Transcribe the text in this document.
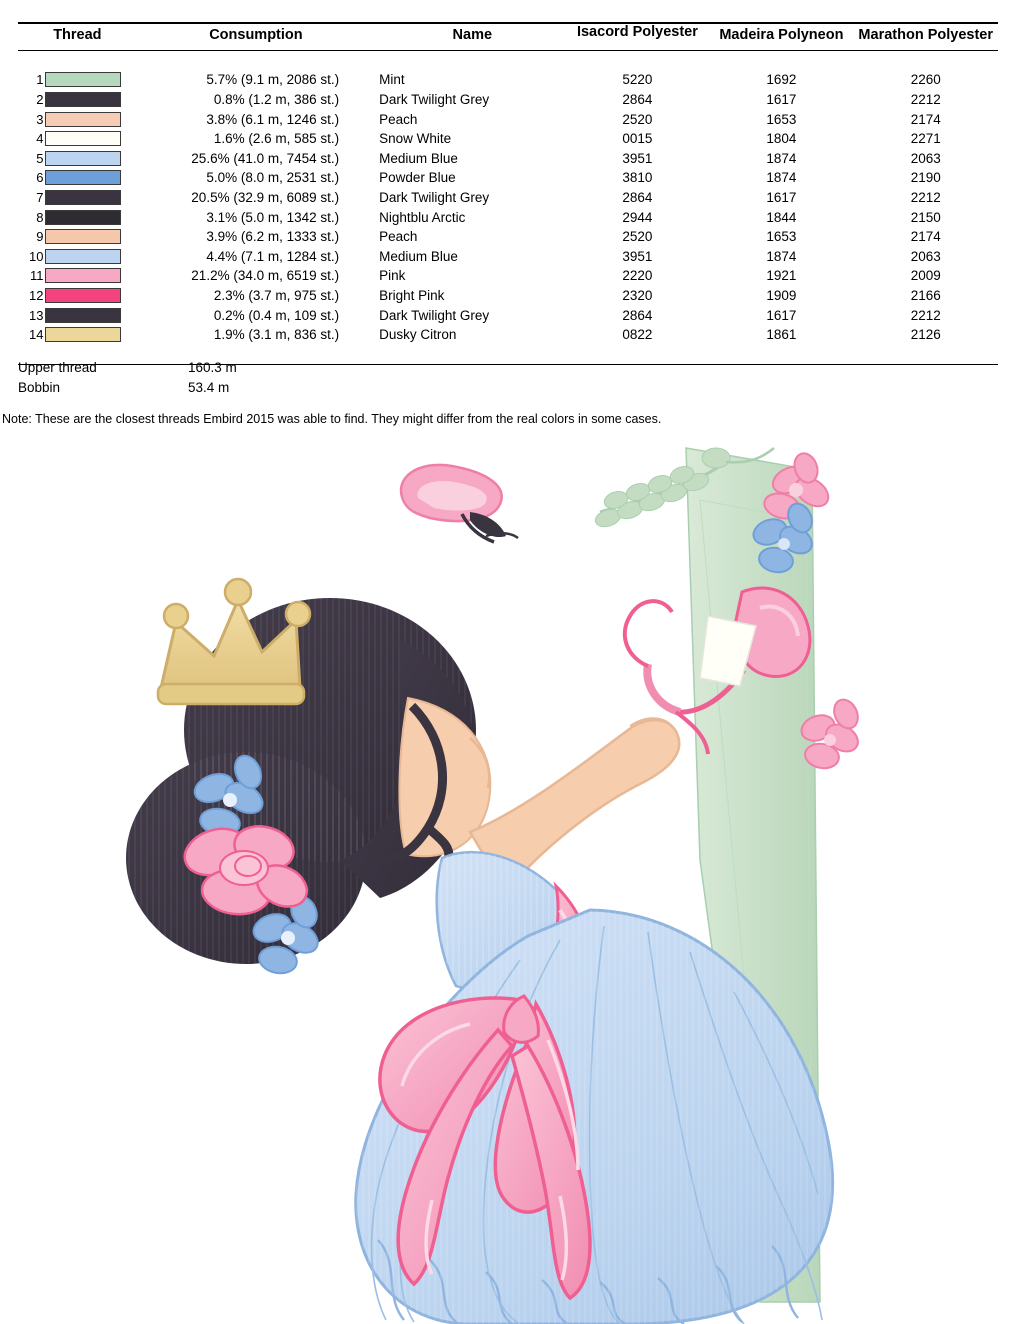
Thread		Consumption	Name	Isacord Polyester	Madeira Polyneon	Marathon Polyester

1		5.7% (9.1 m, 2086 st.)	Mint	5220	1692	2260
2		0.8% (1.2 m, 386 st.)	Dark Twilight Grey	2864	1617	2212
3		3.8% (6.1 m, 1246 st.)	Peach	2520	1653	2174
4		1.6% (2.6 m, 585 st.)	Snow White	0015	1804	2271
5		25.6% (41.0 m, 7454 st.)	Medium Blue	3951	1874	2063
6		5.0% (8.0 m, 2531 st.)	Powder Blue	3810	1874	2190
7		20.5% (32.9 m, 6089 st.)	Dark Twilight Grey	2864	1617	2212
8		3.1% (5.0 m, 1342 st.)	Nightblu Arctic	2944	1844	2150
9		3.9% (6.2 m, 1333 st.)	Peach	2520	1653	2174
10		4.4% (7.1 m, 1284 st.)	Medium Blue	3951	1874	2063
11		21.2% (34.0 m, 6519 st.)	Pink	2220	1921	2009
12		2.3% (3.7 m, 975 st.)	Bright Pink	2320	1909	2166
13		0.2% (0.4 m, 109 st.)	Dark Twilight Grey	2864	1617	2212
14		1.9% (3.1 m, 836 st.)	Dusky Citron	0822	1861	2126

Upper thread	160.3 m
Bobbin	53.4 m
Note: These are the closest threads Embird 2015 was able to find. They might differ from the real colors in some cases.
